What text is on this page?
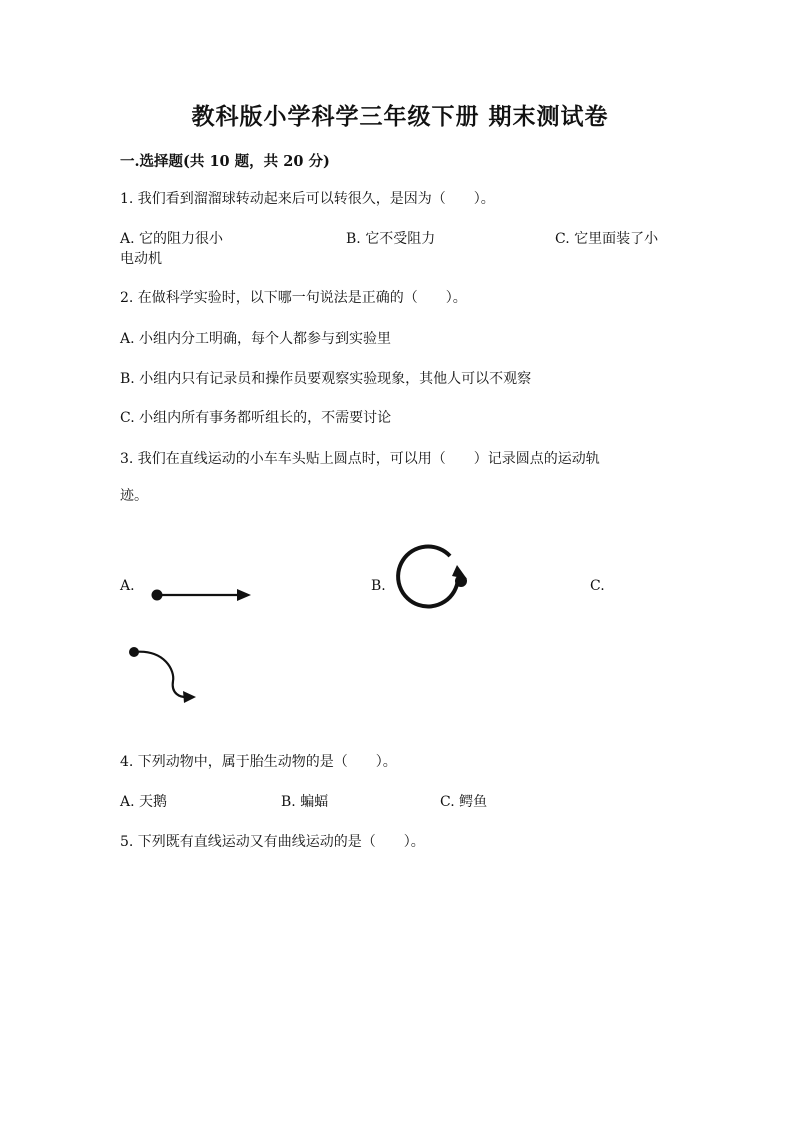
教科版小学科学三年级下册 期末测试卷
一.选择题(共 10 题，共 20 分)
1. 我们看到溜溜球转动起来后可以转很久，是因为（　　）。
A. 它的阻力很小	B. 它不受阻力	C. 它里面装了小
电动机
2. 在做科学实验时，以下哪一句说法是正确的（　　）。
A. 小组内分工明确，每个人都参与到实验里
B. 小组内只有记录员和操作员要观察实验现象，其他人可以不观察
C. 小组内所有事务都听组长的，不需要讨论
3. 我们在直线运动的小车车头贴上圆点时，可以用（　　）记录圆点的运动轨
迹。
A.	B.	C.
4. 下列动物中，属于胎生动物的是（　　）。
A. 天鹅	B. 蝙蝠	C. 鳄鱼
5. 下列既有直线运动又有曲线运动的是（　　）。
